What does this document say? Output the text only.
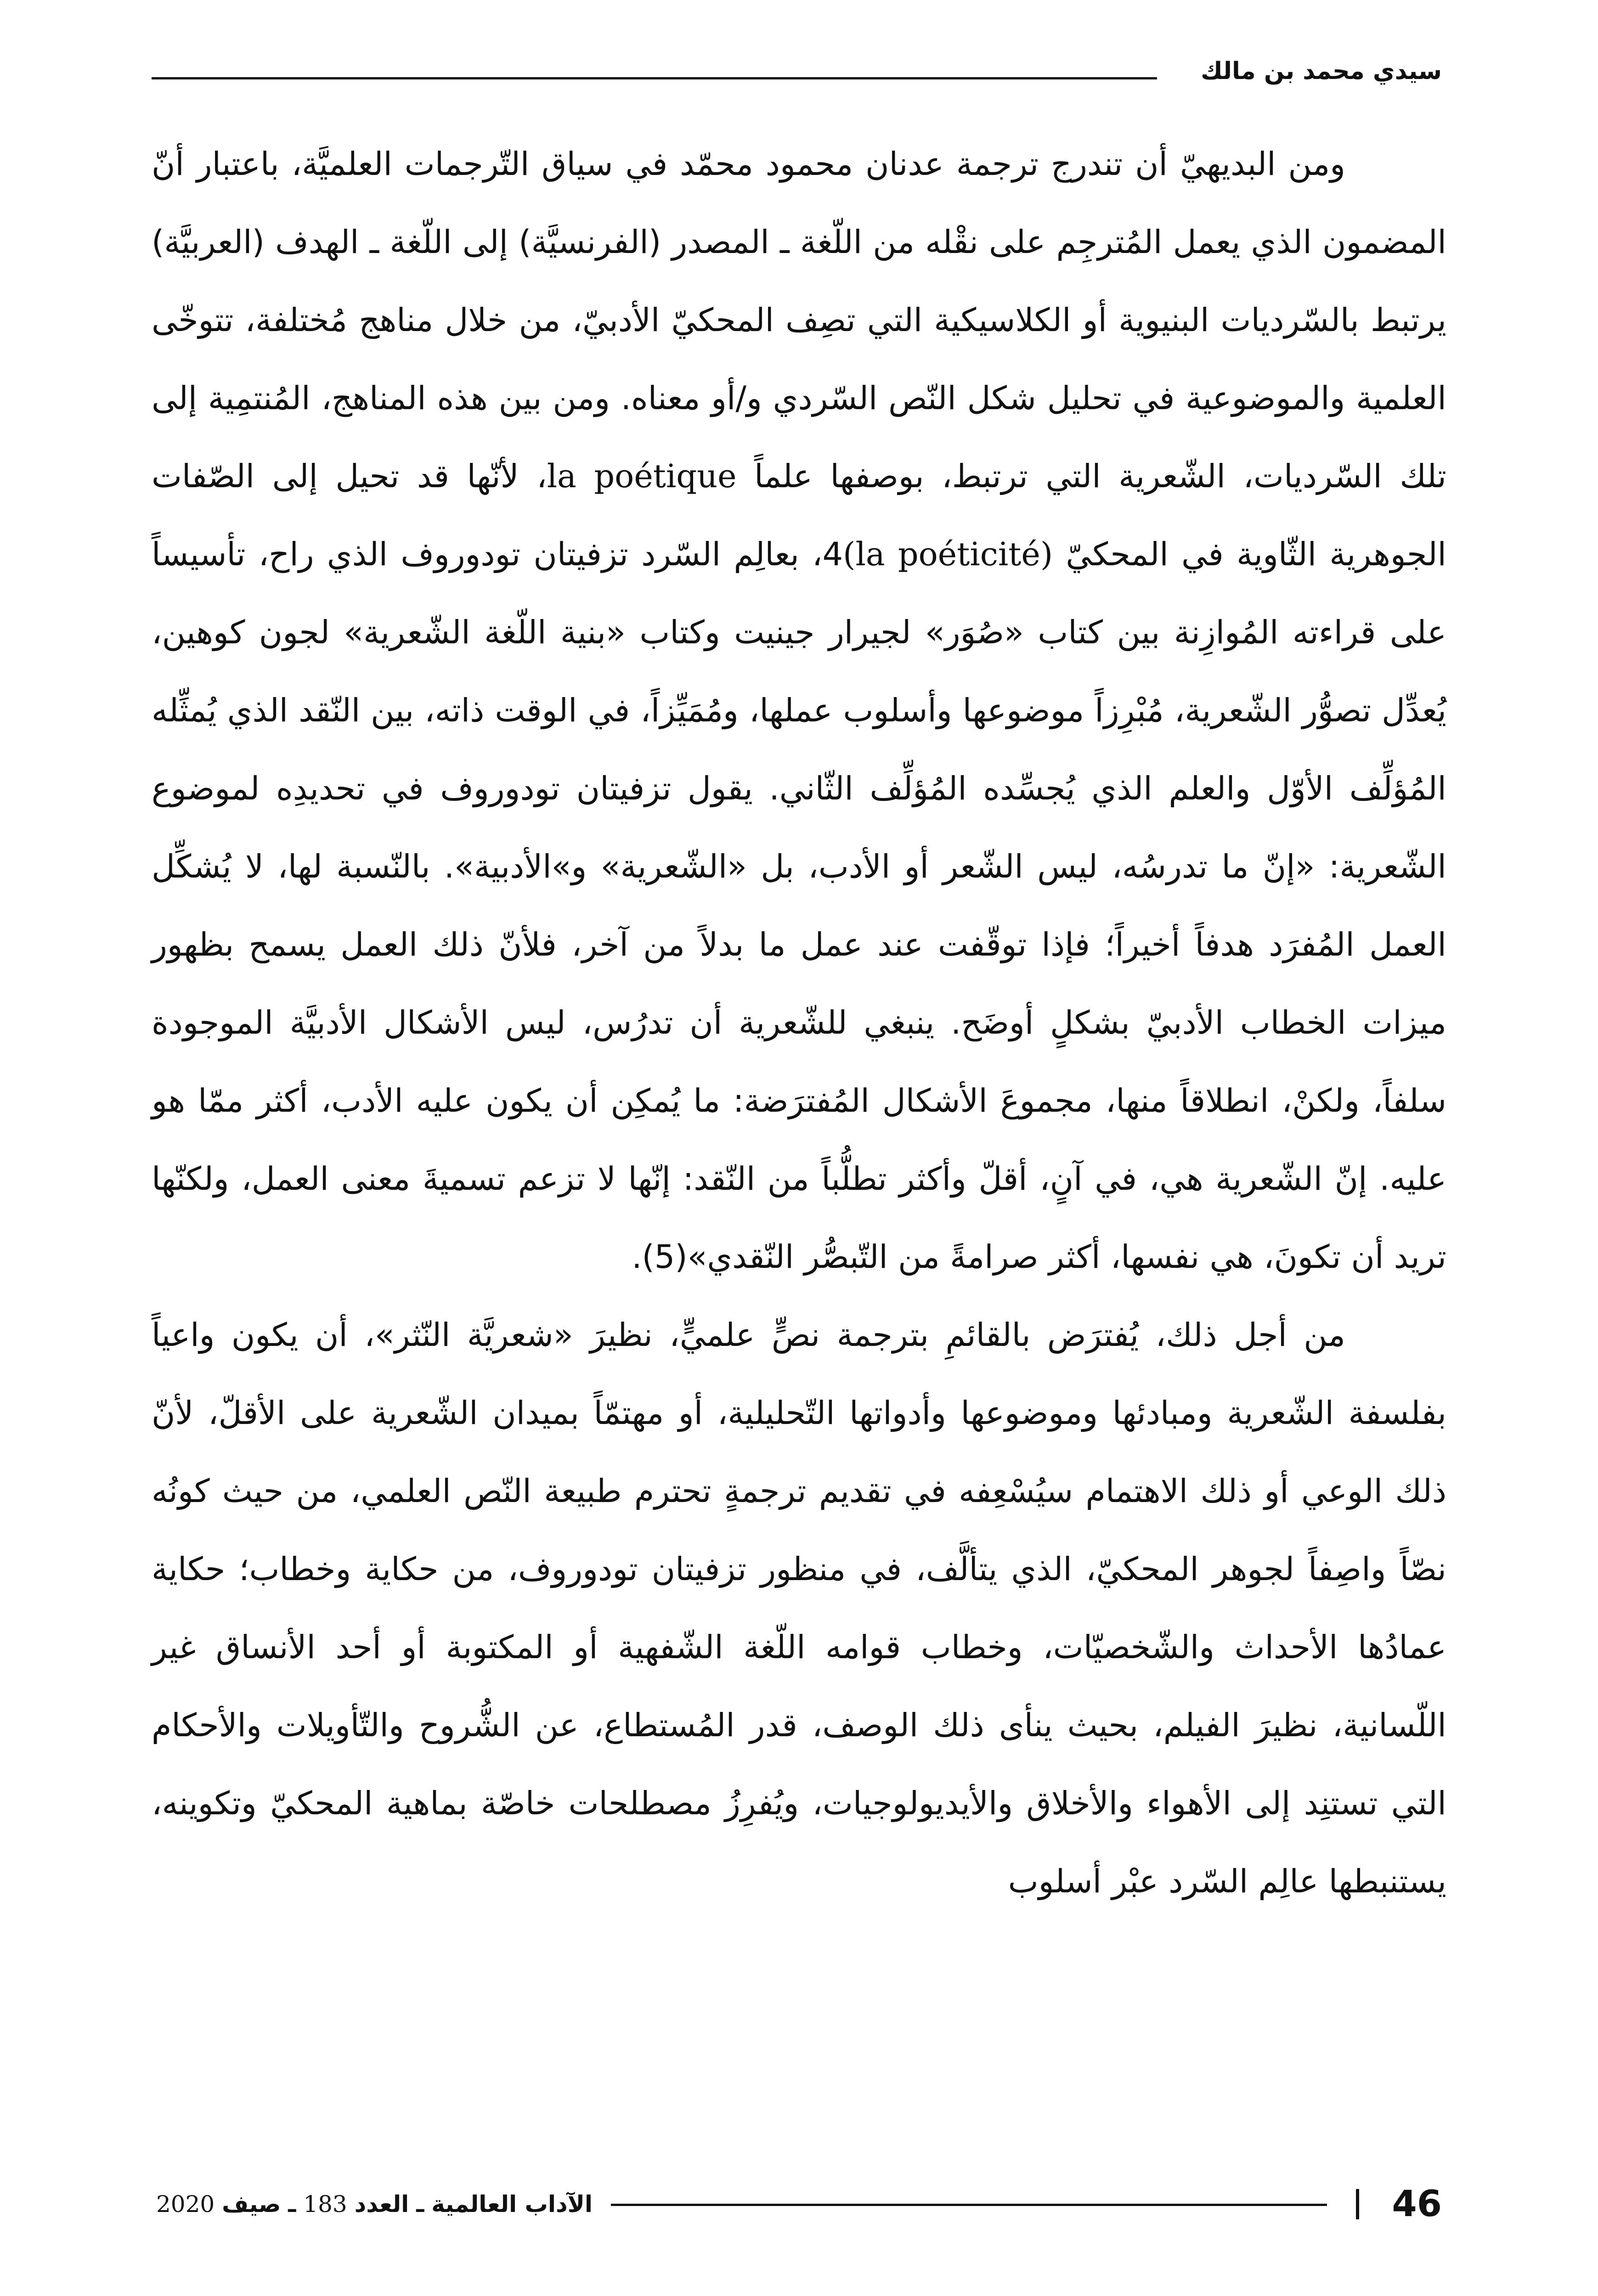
سيدي محمد بن مالك

ومن البديهيّ أن تندرج ترجمة عدنان محمود محمّد في سياق التّرجمات العلميَّة، باعتبار أنّ المضمون الذي يعمل المُترجِم على نقْله من اللّغة ـ المصدر (الفرنسيَّة) إلى اللّغة ـ الهدف (العربيَّة) يرتبط بالسّرديات البنيوية أو الكلاسيكية التي تصِف المحكيّ الأدبيّ، من خلال مناهج مُختلفة، تتوخّى العلمية والموضوعية في تحليل شكل النّص السّردي و/أو معناه. ومن بين هذه المناهج، المُنتمِية إلى تلك السّرديات، الشّعرية التي ترتبط، بوصفها علماً la poétique، لأنّها قد تحيل إلى الصّفات الجوهرية الثّاوية في المحكيّ (la poéticité)4، بعالِم السّرد تزفيتان تودوروف الذي راح، تأسيساً على قراءته المُوازِنة بين كتاب «صُوَر» لجيرار جينيت وكتاب «بنية اللّغة الشّعرية» لجون كوهين، يُعدِّل تصوُّر الشّعرية، مُبْرِزاً موضوعها وأسلوب عملها، ومُمَيِّزاً، في الوقت ذاته، بين النّقد الذي يُمثِّله المُؤلِّف الأوّل والعلم الذي يُجسِّده المُؤلِّف الثّاني. يقول تزفيتان تودوروف في تحديدِه لموضوع الشّعرية: «إنّ ما تدرسُه، ليس الشّعر أو الأدب، بل «الشّعرية» و»الأدبية». بالنّسبة لها، لا يُشكِّل العمل المُفرَد هدفاً أخيراً؛ فإذا توقّفت عند عمل ما بدلاً من آخر، فلأنّ ذلك العمل يسمح بظهور ميزات الخطاب الأدبيّ بشكلٍ أوضَح. ينبغي للشّعرية أن تدرُس، ليس الأشكال الأدبيَّة الموجودة سلفاً، ولكنْ، انطلاقاً منها، مجموعَ الأشكال المُفترَضة: ما يُمكِن أن يكون عليه الأدب، أكثر ممّا هو عليه. إنّ الشّعرية هي، في آنٍ، أقلّ وأكثر تطلُّباً من النّقد: إنّها لا تزعم تسميةَ معنى العمل، ولكنّها تريد أن تكونَ، هي نفسها، أكثر صرامةً من التّبصُّر النّقدي»(5).

من أجل ذلك، يُفترَض بالقائمِ بترجمة نصٍّ علميٍّ، نظيرَ «شعريَّة النّثر»، أن يكون واعياً بفلسفة الشّعرية ومبادئها وموضوعها وأدواتها التّحليلية، أو مهتمّاً بميدان الشّعرية على الأقلّ، لأنّ ذلك الوعي أو ذلك الاهتمام سيُسْعِفه في تقديم ترجمةٍ تحترم طبيعة النّص العلمي، من حيث كونُه نصّاً واصِفاً لجوهر المحكيّ، الذي يتألَّف، في منظور تزفيتان تودوروف، من حكاية وخطاب؛ حكاية عمادُها الأحداث والشّخصيّات، وخطاب قوامه اللّغة الشّفهية أو المكتوبة أو أحد الأنساق غير اللّسانية، نظيرَ الفيلم، بحيث ينأى ذلك الوصف، قدر المُستطاع، عن الشُّروح والتّأويلات والأحكام التي تستنِد إلى الأهواء والأخلاق والأيديولوجيات، ويُفرِزُ مصطلحات خاصّة بماهية المحكيّ وتكوينه، يستنبطها عالِم السّرد عبْر أسلوب

46
الآداب العالمية ـ العدد 183 ـ صيف 2020
